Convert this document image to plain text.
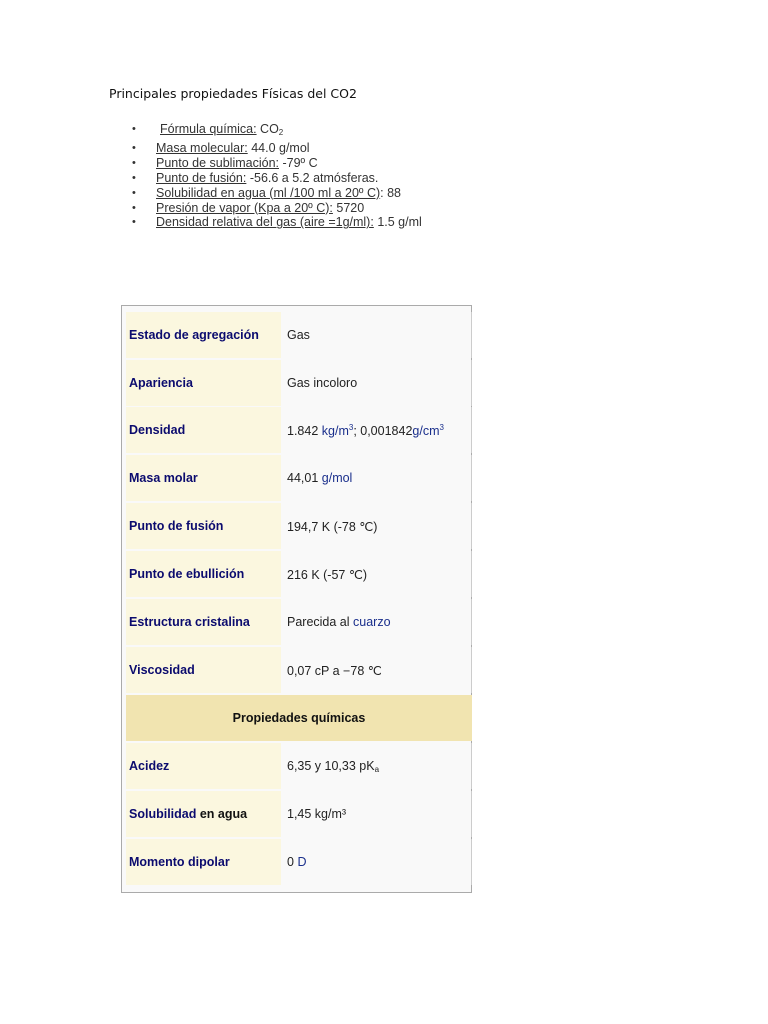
Principales propiedades Físicas del CO2
• Fórmula química: $CO_2$
• Masa molecular: 44.0 g/mol
• Punto de sublimación: -79º C
• Punto de fusión: -56.6 a 5.2 atmósferas.
• Solubilidad en agua (ml /100 ml a 20º C): 88
• Presión de vapor (Kpa a 20º C): 5720
• Densidad relativa del gas (aire =1g/ml): 1.5 g/ml
Estado de agregación	Gas
Apariencia	Gas incoloro
Densidad	1.842 $kg/m^3$; $0,001842g/cm^3$
Masa molar	44,01 g/mol
Punto de fusión	194,7 K (-78 ℃)
Punto de ebullición	216 K (-57 ℃)
Estructura cristalina	Parecida al cuarzo
Viscosidad	0,07 cP a −78 ℃
Propiedades químicas
Acidez	6,35 y 10,33 $pK_a$
Solubilidad en agua	1,45 kg/m³
Momento dipolar	0 D
